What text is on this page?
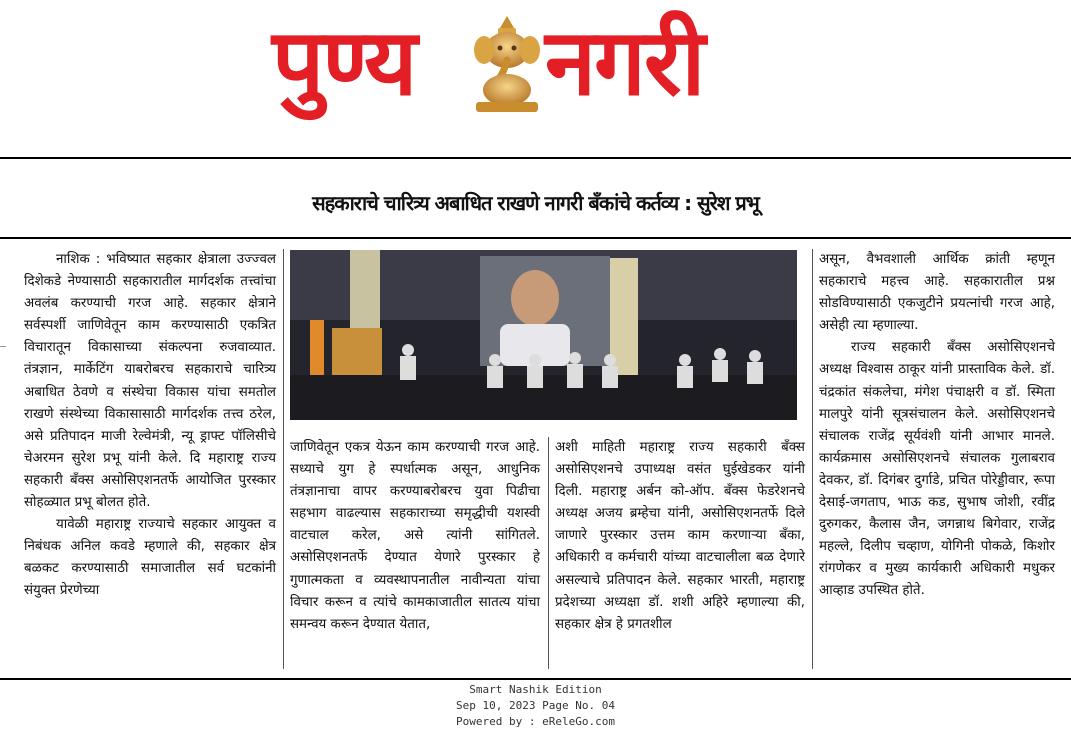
पुण्य नगरी
सहकाराचे चारित्र्य अबाधित राखणे नागरी बँकांचे कर्तव्य : सुरेश प्रभू

नाशिक : भविष्यात सहकार क्षेत्राला उज्ज्वल दिशेकडे नेण्यासाठी सहकारातील मार्गदर्शक तत्त्वांचा अवलंब करण्याची गरज आहे. सहकार क्षेत्राने सर्वस्पर्शी जाणिवेतून काम करण्यासाठी एकत्रित विचारातून विकासाच्या संकल्पना रुजवाव्यात. तंत्रज्ञान, मार्केटिंग याबरोबरच सहकाराचे चारित्र्य अबाधित ठेवणे व संस्थेचा विकास यांचा समतोल राखणे संस्थेच्या विकासासाठी मार्गदर्शक तत्त्व ठरेल, असे प्रतिपादन माजी रेल्वेमंत्री, न्यू ड्राफ्ट पॉलिसीचे चेअरमन सुरेश प्रभू यांनी केले. दि महाराष्ट्र राज्य सहकारी बँक्स असोसिएशनतर्फे आयोजित पुरस्कार सोहळ्यात प्रभू बोलत होते.

यावेळी महाराष्ट्र राज्याचे सहकार आयुक्त व निबंधक अनिल कवडे म्हणाले की, सहकार क्षेत्र बळकट करण्यासाठी समाजातील सर्व घटकांनी संयुक्त प्रेरणेच्या

जाणिवेतून एकत्र येऊन काम करण्याची गरज आहे. सध्याचे युग हे स्पर्धात्मक असून, आधुनिक तंत्रज्ञानाचा वापर करण्याबरोबरच युवा पिढीचा सहभाग वाढल्यास सहकाराच्या समृद्धीची यशस्वी वाटचाल करेल, असे त्यांनी सांगितले. असोसिएशनतर्फे देण्यात येणारे पुरस्कार हे गुणात्मकता व व्यवस्थापनातील नावीन्यता यांचा विचार करून व त्यांचे कामकाजातील सातत्य यांचा समन्वय करून देण्यात येतात,

अशी माहिती महाराष्ट्र राज्य सहकारी बँक्स असोसिएशनचे उपाध्यक्ष वसंत घुईखेडकर यांनी दिली. महाराष्ट्र अर्बन को-ऑप. बँक्स फेडरेशनचे अध्यक्ष अजय ब्रम्हेचा यांनी, असोसिएशनतर्फे दिले जाणारे पुरस्कार उत्तम काम करणाऱ्या बँका, अधिकारी व कर्मचारी यांच्या वाटचालीला बळ देणारे असल्याचे प्रतिपादन केले. सहकार भारती, महाराष्ट्र प्रदेशच्या अध्यक्षा डॉ. शशी अहिरे म्हणाल्या की, सहकार क्षेत्र हे प्रगतशील

असून, वैभवशाली आर्थिक क्रांती म्हणून सहकाराचे महत्त्व आहे. सहकारातील प्रश्न सोडविण्यासाठी एकजुटीने प्रयत्नांची गरज आहे, असेही त्या म्हणाल्या.

राज्य सहकारी बँक्स असोसिएशनचे अध्यक्ष विश्वास ठाकूर यांनी प्रास्ताविक केले. डॉ. चंद्रकांत संकलेचा, मंगेश पंचाक्षरी व डॉ. स्मिता मालपुरे यांनी सूत्रसंचालन केले. असोसिएशनचे संचालक राजेंद्र सूर्यवंशी यांनी आभार मानले. कार्यक्रमास असोसिएशनचे संचालक गुलाबराव देवकर, डॉ. दिगंबर दुर्गाडे, प्रचित पोरेड्डीवार, रूपा देसाई-जगताप, भाऊ कड, सुभाष जोशी, रवींद्र दुरुगकर, कैलास जैन, जगन्नाथ बिगेवार, राजेंद्र महल्ले, दिलीप चव्हाण, योगिनी पोकळे, किशोर रांगणेकर व मुख्य कार्यकारी अधिकारी मधुकर आव्हाड उपस्थित होते.

Smart Nashik Edition
Sep 10, 2023 Page No. 04
Powered by : eReleGo.com
